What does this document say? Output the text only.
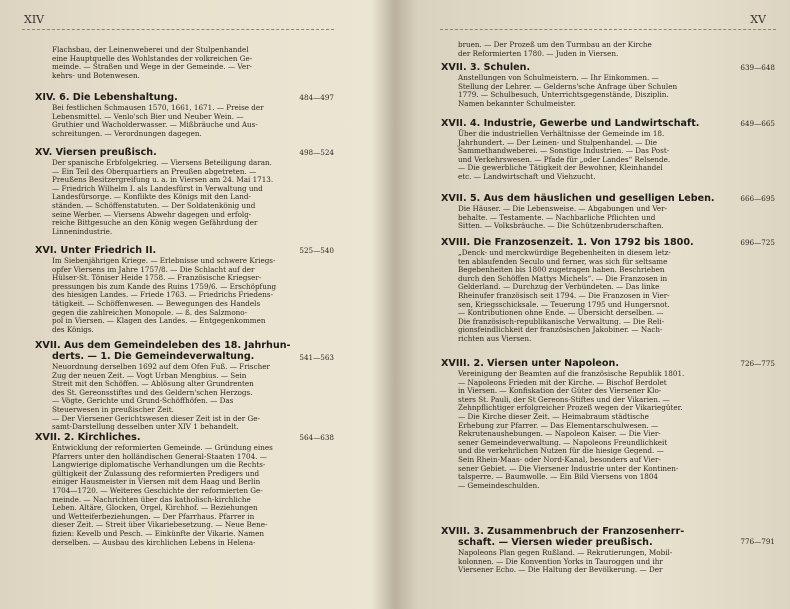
XIV
Flachsbau, der Leinenweberei und der Stulpenhandel
eine Hauptquelle des Wohlstandes der volkreichen Ge-
meinde. — Straßen und Wege in der Gemeinde. — Ver-
kehrs- und Botenwesen.
XIV. 6. Die Lebenshaltung.	484—497
Bei festlichen Schmausen 1570, 1661, 1671. — Preise der
Lebensmittel. — Venlo'sch Bier und Neuber Wein. —
Gruthier und Wacholderwasser. — Mißbräuche und Aus-
schreitungen. — Verordnungen dagegen.
XV. Viersen preußisch.	498—524
Der spanische Erbfolgekrieg. — Viersens Beteiligung daran.
— Ein Teil des Oberquartiers an Preußen abgetreten. —
Preußens Besitzergreifung u. a. in Viersen am 24. Mai 1713.
— Friedrich Wilhelm I. als Landesfürst in Verwaltung und
Landesfürsorge. — Konflikte des Königs mit den Land-
ständen. — Schöffenstatuten. — Der Soldatenkönig und
seine Werber. — Viersens Abwehr dagegen und erfolg-
reiche Bittgesuche an den König wegen Gefährdung der
Linnenindustrie.
XVI. Unter Friedrich II.	525—540
Im Siebenjährigen Kriege. — Erlebnisse und schwere Kriegs-
opfer Viersens im Jahre 1757/8. — Die Schlacht auf der
Hülser-St. Töniser Heide 1758. — Französische Kriegser-
pressungen bis zum Kande des Ruins 1759/6. — Erschöpfung
des hiesigen Landes. — Friede 1763. — Friedrichs Friedens-
tätigkeit. — Schöffenwesen. — Bewegungen des Handels
gegen die zahlreichen Monopole. — ß. des Salzmono-
pol in Viersen. — Klagen des Landes. — Entgegenkommen
des Königs.
XVII. Aus dem Gemeindeleben des 18. Jahrhun-
derts. — 1. Die Gemeindeverwaltung.	541—563
Neuordnung derselben 1692 auf dem Ofen Fuß. — Frischer
Zug der neuen Zeit. — Vogt Urban Mengbius. — Sein
Streit mit den Schöffen. — Ablösung alter Grundrenten
des St. Gereonsstiftes und des Geldern'schen Herzogs.
— Vögte, Gerichte und Grund-Schöffhöfen. — Das
Steuerwesen in preußischer Zeit.
— Der Viersener Gerichtswesen dieser Zeit ist in der Ge-
samt-Darstellung desselben unter XIV 1 behandelt.
XVII. 2. Kirchliches.	564—638
Entwicklung der reformierten Gemeinde. — Gründung eines
Pfarrers unter den holländischen General-Staaten 1704. —
Langwierige diplomatische Verhandlungen um die Rechts-
gültigkeit der Zulassung des reformierten Predigers und
einiger Hausmeister in Viersen mit dem Haag und Berlin
1704—1720. — Weiteres Geschichte der reformierten Ge-
meinde. — Nachrichten über das katholisch-kirchliche
Leben. Altäre, Glocken, Orgel, Kirchhof. — Beziehungen
und Wetteiferbeziehungen. — Der Pfarrhaus. Pfarrer in
dieser Zeit. — Streit über Vikariebesetzung. — Neue Bene-
fizien: Kevelb und Pesch. — Einkünfte der Vikarie. Namen
derselben. — Ausbau des kirchlichen Lebens in Helena-
XV
bruen. — Der Prozeß um den Turmbau an der Kirche
der Reformierten 1780. — Juden in Viersen.
XVII. 3. Schulen.	639—648
Anstellungen von Schulmeistern. — Ihr Einkommen. —
Stellung der Lehrer. — Gelderns'sche Anfrage über Schulen
1779. — Schulbesuch, Unterrichtsgegenstände, Disziplin.
Namen bekannter Schulmeister.
XVII. 4. Industrie, Gewerbe und Landwirtschaft.	649—665
Über die industriellen Verhältnisse der Gemeinde im 18.
Jahrhundert. — Der Leinen- und Stulpenhandel. — Die
Sammethandweberei. — Sonstige Industrien. — Das Post-
und Verkehrswesen. — Pfade für „oder Landes“ Relsende.
— Die gewerbliche Tätigkeit der Bewohner, Kleinhandel
etc. — Landwirtschaft und Viehzucht.
XVII. 5. Aus dem häuslichen und geselligen Leben.	666—695
Die Häuser. — Die Lebensweise. — Abgabungen und Ver-
behalte. — Testamente. — Nachbarliche Pflichten und
Sitten. — Volksbräuche. — Die Schützenbruderschaften.
XVIII. Die Franzosenzeit. 1. Von 1792 bis 1800.	696—725
„Denck- und merckwürdige Begebenheiten in diesem letz-
ten ablaufenden Seculo und ferner, was sich für seltsame
Begebenheiten bis 1800 zugetragen haben. Beschrieben
durch den Schöffen Mattys Michels“. — Die Franzosen in
Gelderland. — Durchzug der Verbündeten. — Das linke
Rheinufer französisch seit 1794. — Die Franzosen in Vier-
sen, Kriegsschicksale. — Teuerung 1795 und Hungersnot.
— Kontributionen ohne Ende. — Übersicht derselben. —
Die französisch-republikanische Verwaltung. — Die Reli-
gionsfeindlichkeit der französischen Jakobiner. — Nach-
richten aus Viersen.
XVIII. 2. Viersen unter Napoleon.	726—775
Vereinigung der Beamten auf die französische Republik 1801.
— Napoleons Frieden mit der Kirche. — Bischof Berdolet
in Viersen. — Konfiskation der Güter des Viersener Klo-
sters St. Pauli, der St Gereons-Stiftes und der Vikarien. —
Zehnpflichtiger erfolgreicher Prozeß wegen der Vikariegüter.
— Die Kirche dieser Zeit. — Heimabraum städtische
Erhebung zur Pfarrer. — Das Elementarschulwesen. —
Rekrutenaushebungen. — Napoleon Kaiser. — Die Vier-
sener Gemeindeverwaltung. — Napoleons Freundlichkeit
und die verkehrlichen Nutzen für die hiesige Gegend. —
Sein Rhein-Maas- oder Nord-Kanal, besonders auf Vier-
sener Gebiet. — Die Viersener Industrie unter der Kontinen-
talsperre. — Baumwolle. — Ein Bild Viersens von 1804
— Gemeindeschulden.
XVIII. 3. Zusammenbruch der Franzosenherr-
schaft. — Viersen wieder preußisch.	776—791
Napoleons Plan gegen Rußland. — Rekrutierungen, Mobil-
kolonnen. — Die Konvention Yorks in Tauroggen und ihr
Viersener Echo. — Die Haltung der Bevölkerung. — Der
